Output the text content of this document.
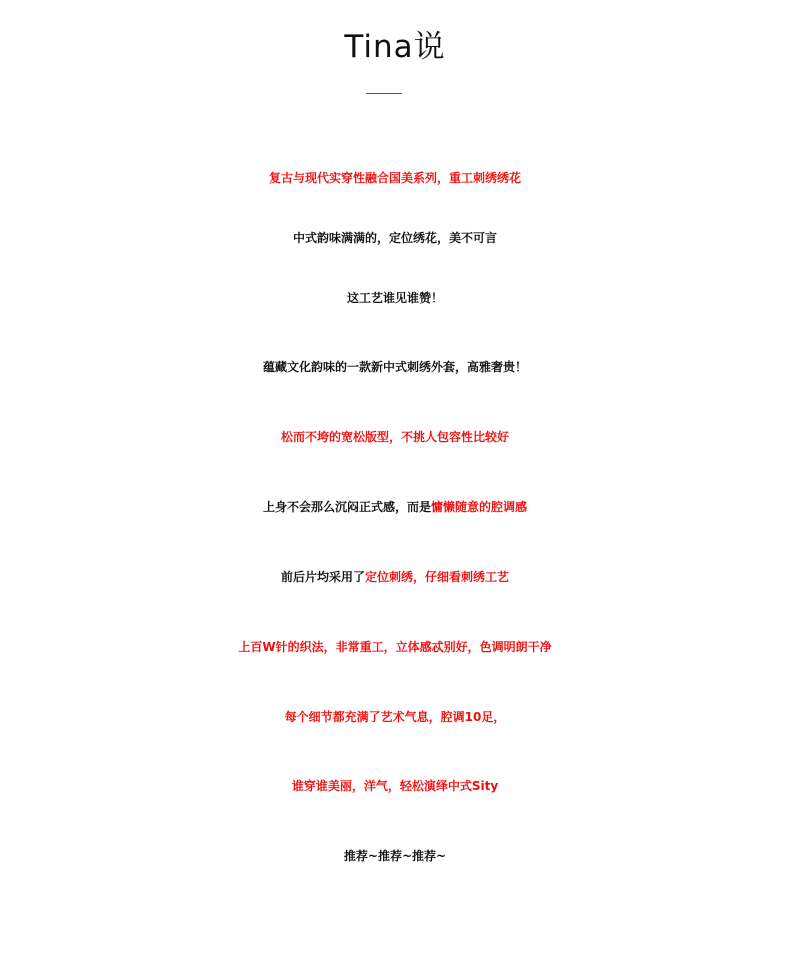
Tina说
复古与现代实穿性融合国美系列，重工刺绣绣花
中式韵味满满的，定位绣花，美不可言
这工艺谁见谁赞！
蕴藏文化韵味的一款新中式刺绣外套，高雅奢贵！
松而不垮的宽松版型，不挑人包容性比较好
上身不会那么沉闷正式感，而是慵懒随意的腔调感
前后片均采用了定位刺绣，仔细看刺绣工艺
上百W针的织法，非常重工，立体感忒别好，色调明朗干净
每个细节都充满了艺术气息，腔调10足，
谁穿谁美丽，洋气，轻松演绎中式Sity
推荐~推荐~推荐~
